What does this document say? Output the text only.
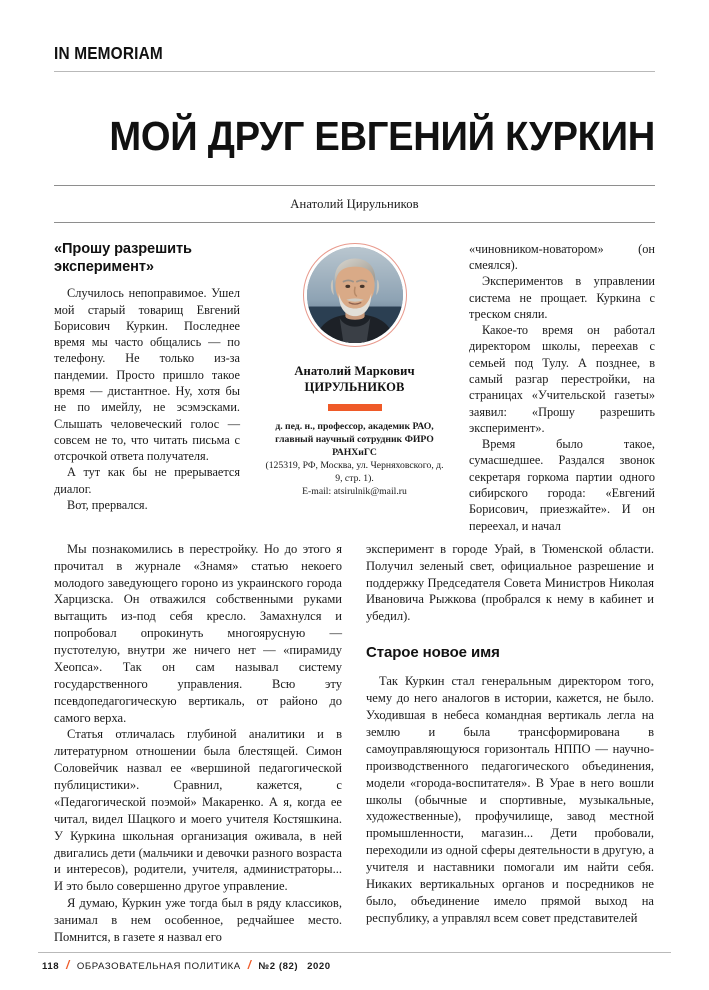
IN MEMORIAM
МОЙ ДРУГ ЕВГЕНИЙ КУРКИН
Анатолий Цирульников
«Прошу разрешить эксперимент»

Случилось непоправимое. Ушел мой старый товарищ Евгений Борисович Куркин. Последнее время мы часто общались — по телефону. Не только из-за пандемии. Просто пришло такое время — дистантное. Ну, хотя бы не по имейлу, не эсэмэсками. Слышать человеческий голос — совсем не то, что читать письма с отсрочкой ответа получателя.

А тут как бы не прерывается диалог.

Вот, прервался.

Анатолий Маркович
ЦИРУЛЬНИКОВ
д. пед. н., профессор, академик РАО, главный научный сотрудник ФИРО РАНХиГС
(125319, РФ, Москва, ул. Черняховского, д. 9, стр. 1).
E-mail: atsirulnik@mail.ru

«чиновником-новатором» (он смеялся).

Экспериментов в управлении система не прощает. Куркина с треском сняли.

Какое-то время он работал директором школы, переехав с семьей под Тулу. А позднее, в самый разгар перестройки, на страницах «Учительской газеты» заявил: «Прошу разрешить эксперимент».

Время было такое, сумасшедшее. Раздался звонок секретаря горкома партии одного сибирского города: «Евгений Борисович, приезжайте». И он переехал, и начал

Мы познакомились в перестройку. Но до этого я прочитал в журнале «Знамя» статью некоего молодого заведующего гороно из украинского города Харцизска. Он отважился собственными руками вытащить из-под себя кресло. Замахнулся и попробовал опрокинуть многоярусную — пустотелую, внутри же ничего нет — «пирамиду Хеопса». Так он сам называл систему государственного управления. Всю эту псевдопедагогическую вертикаль, от районо до самого верха.

Статья отличалась глубиной аналитики и в литературном отношении была блестящей. Симон Соловейчик назвал ее «вершиной педагогической публицистики». Сравнил, кажется, с «Педагогической поэмой» Макаренко. А я, когда ее читал, видел Шацкого и моего учителя Костяшкина. У Куркина школьная организация оживала, в ней двигались дети (мальчики и девочки разного возраста и интересов), родители, учителя, администраторы... И это было совершенно другое управление.

Я думаю, Куркин уже тогда был в ряду классиков, занимал в нем особенное, редчайшее место. Помнится, в газете я назвал его

эксперимент в городе Урай, в Тюменской области. Получил зеленый свет, официальное разрешение и поддержку Председателя Совета Министров Николая Ивановича Рыжкова (пробрался к нему в кабинет и убедил).

Старое новое имя

Так Куркин стал генеральным директором того, чему до него аналогов в истории, кажется, не было. Уходившая в небеса командная вертикаль легла на землю и была трансформирована в самоуправляющуюся горизонталь НППО — научно-производственного педагогического объединения, модели «города-воспитателя». В Урае в него вошли школы (обычные и спортивные, музыкальные, художественные), профучилище, завод местной промышленности, магазин... Дети пробовали, переходили из одной сферы деятельности в другую, а учителя и наставники помогали им найти себя. Никаких вертикальных органов и посредников не было, объединение имело прямой выход на республику, а управлял всем совет представителей

118 / ОБРАЗОВАТЕЛЬНАЯ ПОЛИТИКА / №2 (82) 2020
